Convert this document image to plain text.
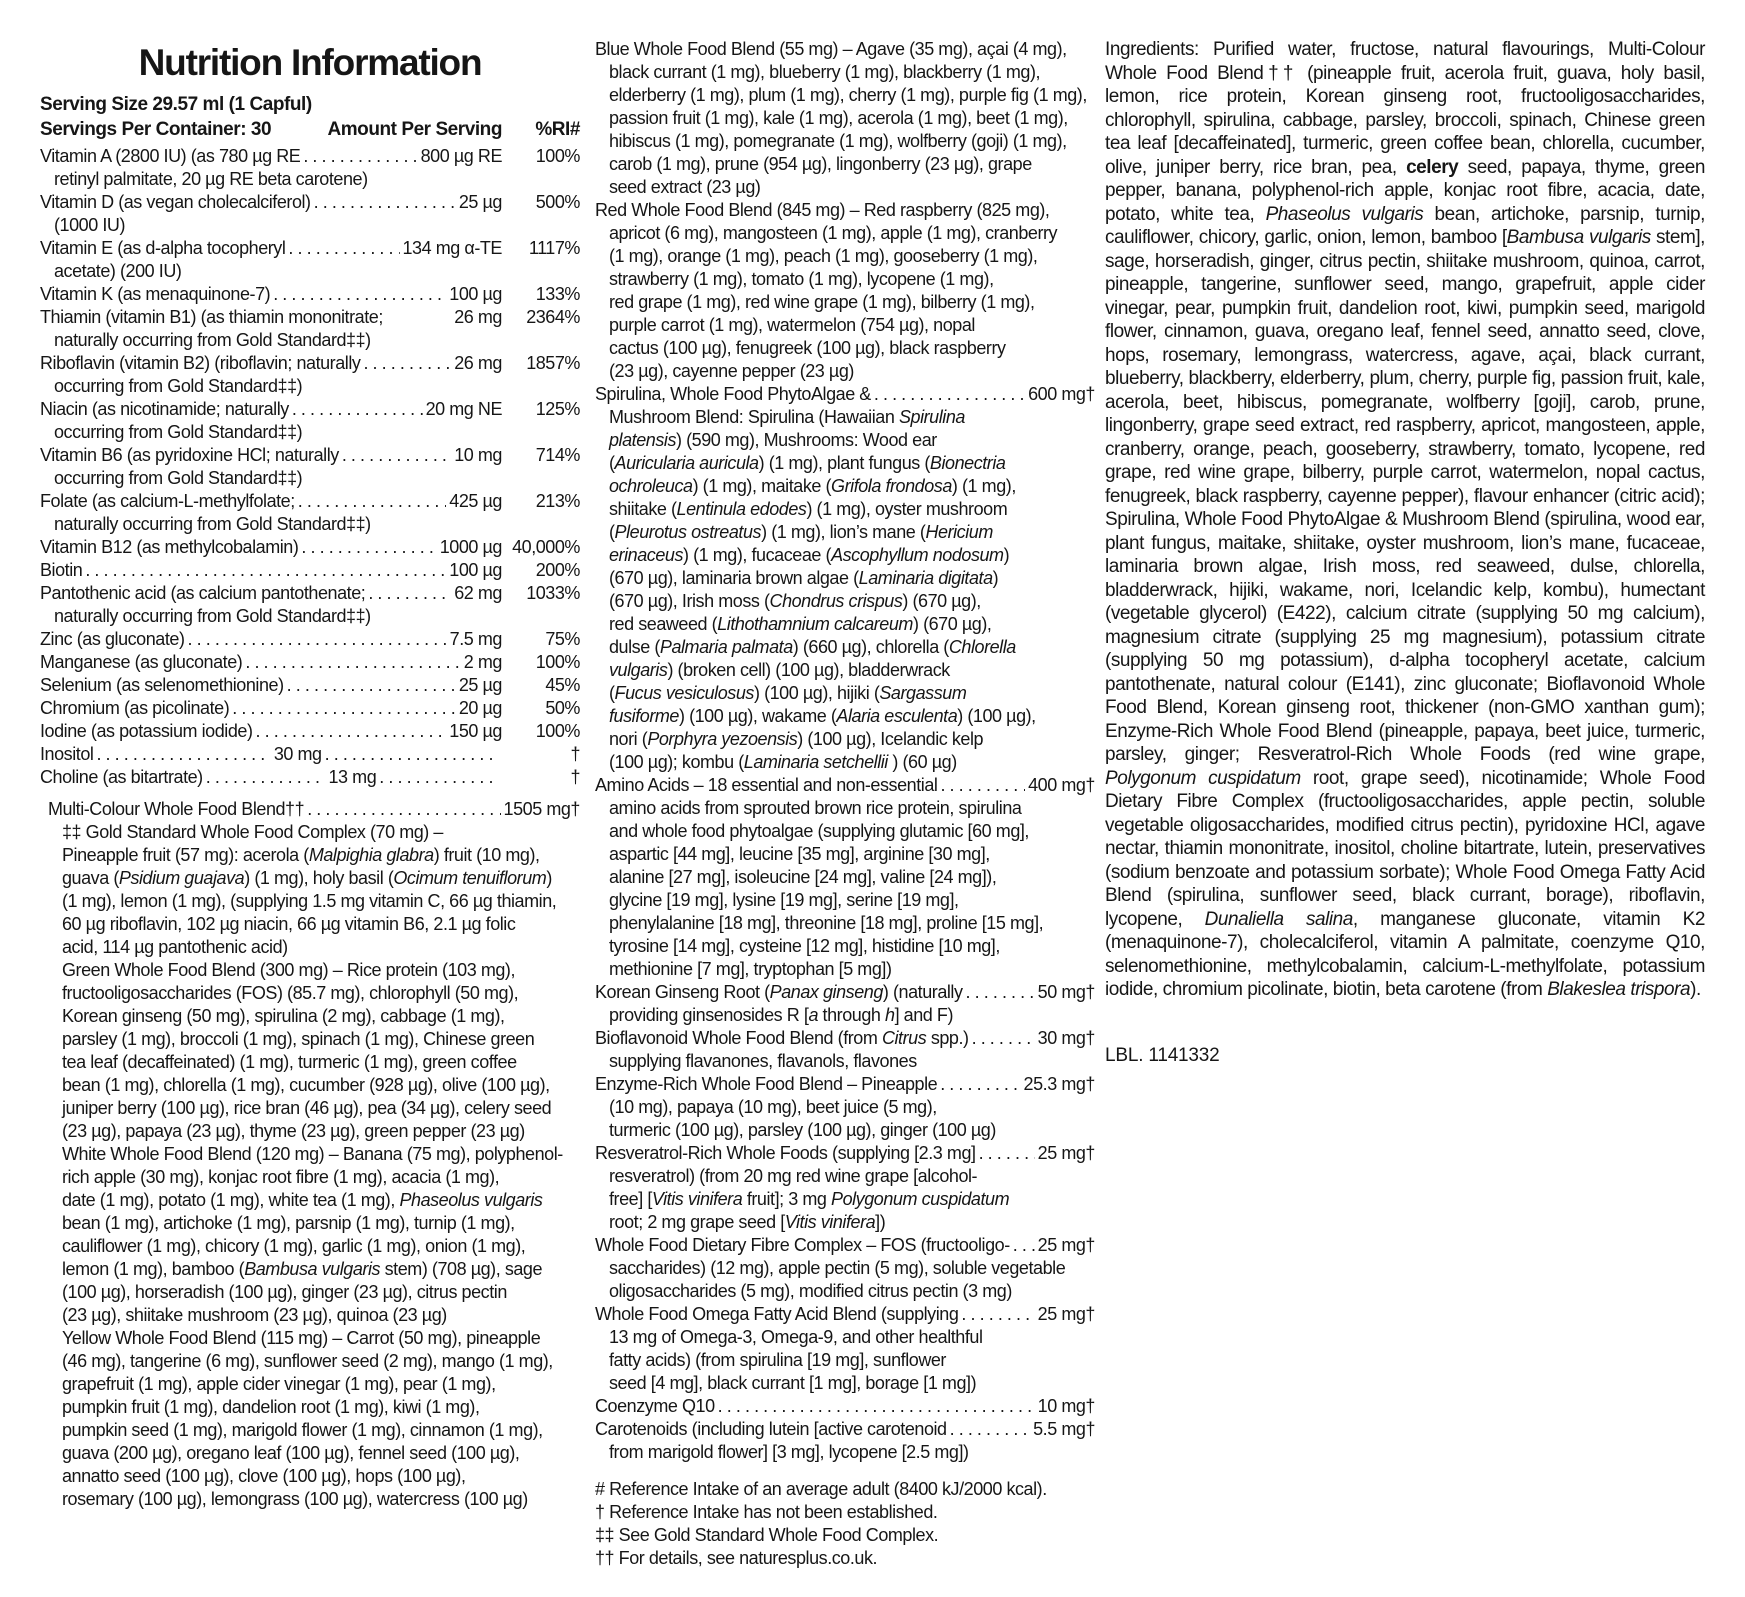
Nutrition Information
Serving Size 29.57 ml (1 Capful)
Servings Per Container: 30	Amount Per Serving	%RI#
Vitamin A (2800 IU) (as 780 µg RE . . .	800 µg RE	100%
retinyl palmitate, 20 µg RE beta carotene)
Vitamin D (as vegan cholecalciferol) . . .	25 µg	500%
(1000 IU)
Vitamin E (as d-alpha tocopheryl . . .	134 mg α-TE	1117%
acetate) (200 IU)
Vitamin K (as menaquinone-7) . . .	100 µg	133%
Thiamin (vitamin B1) (as thiamin mononitrate;	26 mg	2364%
naturally occurring from Gold Standard‡‡)
Riboflavin (vitamin B2) (riboflavin; naturally . . .	26 mg	1857%
occurring from Gold Standard‡‡)
Niacin (as nicotinamide; naturally . . .	20 mg NE	125%
occurring from Gold Standard‡‡)
Vitamin B6 (as pyridoxine HCl; naturally . . .	10 mg	714%
occurring from Gold Standard‡‡)
Folate (as calcium-L-methylfolate; . . .	425 µg	213%
naturally occurring from Gold Standard‡‡)
Vitamin B12 (as methylcobalamin) . . .	1000 µg 40,000%
Biotin . . .	100 µg	200%
Pantothenic acid (as calcium pantothenate; . . .	62 mg	1033%
naturally occurring from Gold Standard‡‡)
Zinc (as gluconate) . . .	7.5 mg	75%
Manganese (as gluconate) . . .	2 mg	100%
Selenium (as selenomethionine) . . .	25 µg	45%
Chromium (as picolinate) . . .	20 µg	50%
Iodine (as potassium iodide) . . .	150 µg	100%
Inositol . . .	30 mg . . .	†
Choline (as bitartrate) . . .	13 mg . . .	†
Multi-Colour Whole Food Blend†† . . .	1505 mg†
‡‡ Gold Standard Whole Food Complex (70 mg) –
Pineapple fruit (57 mg): acerola (Malpighia glabra) fruit (10 mg),
guava (Psidium guajava) (1 mg), holy basil (Ocimum tenuiflorum)
(1 mg), lemon (1 mg), (supplying 1.5 mg vitamin C, 66 µg thiamin,
60 µg riboflavin, 102 µg niacin, 66 µg vitamin B6, 2.1 µg folic
acid, 114 µg pantothenic acid)
Green Whole Food Blend (300 mg) – Rice protein (103 mg),
fructooligosaccharides (FOS) (85.7 mg), chlorophyll (50 mg),
Korean ginseng (50 mg), spirulina (2 mg), cabbage (1 mg),
parsley (1 mg), broccoli (1 mg), spinach (1 mg), Chinese green
tea leaf (decaffeinated) (1 mg), turmeric (1 mg), green coffee
bean (1 mg), chlorella (1 mg), cucumber (928 µg), olive (100 µg),
juniper berry (100 µg), rice bran (46 µg), pea (34 µg), celery seed
(23 µg), papaya (23 µg), thyme (23 µg), green pepper (23 µg)
White Whole Food Blend (120 mg) – Banana (75 mg), polyphenol-
rich apple (30 mg), konjac root fibre (1 mg), acacia (1 mg),
date (1 mg), potato (1 mg), white tea (1 mg), Phaseolus vulgaris
bean (1 mg), artichoke (1 mg), parsnip (1 mg), turnip (1 mg),
cauliflower (1 mg), chicory (1 mg), garlic (1 mg), onion (1 mg),
lemon (1 mg), bamboo (Bambusa vulgaris stem) (708 µg), sage
(100 µg), horseradish (100 µg), ginger (23 µg), citrus pectin
(23 µg), shiitake mushroom (23 µg), quinoa (23 µg)
Yellow Whole Food Blend (115 mg) – Carrot (50 mg), pineapple
(46 mg), tangerine (6 mg), sunflower seed (2 mg), mango (1 mg),
grapefruit (1 mg), apple cider vinegar (1 mg), pear (1 mg),
pumpkin fruit (1 mg), dandelion root (1 mg), kiwi (1 mg),
pumpkin seed (1 mg), marigold flower (1 mg), cinnamon (1 mg),
guava (200 µg), oregano leaf (100 µg), fennel seed (100 µg),
annatto seed (100 µg), clove (100 µg), hops (100 µg),
rosemary (100 µg), lemongrass (100 µg), watercress (100 µg)
Blue Whole Food Blend (55 mg) – Agave (35 mg), açai (4 mg),
black currant (1 mg), blueberry (1 mg), blackberry (1 mg),
elderberry (1 mg), plum (1 mg), cherry (1 mg), purple fig (1 mg),
passion fruit (1 mg), kale (1 mg), acerola (1 mg), beet (1 mg),
hibiscus (1 mg), pomegranate (1 mg), wolfberry (goji) (1 mg),
carob (1 mg), prune (954 µg), lingonberry (23 µg), grape
seed extract (23 µg)
Red Whole Food Blend (845 mg) – Red raspberry (825 mg),
apricot (6 mg), mangosteen (1 mg), apple (1 mg), cranberry
(1 mg), orange (1 mg), peach (1 mg), gooseberry (1 mg),
strawberry (1 mg), tomato (1 mg), lycopene (1 mg),
red grape (1 mg), red wine grape (1 mg), bilberry (1 mg),
purple carrot (1 mg), watermelon (754 µg), nopal
cactus (100 µg), fenugreek (100 µg), black raspberry
(23 µg), cayenne pepper (23 µg)
Spirulina, Whole Food PhytoAlgae & . . .	600 mg†
Mushroom Blend: Spirulina (Hawaiian Spirulina
platensis) (590 mg), Mushrooms: Wood ear
(Auricularia auricula) (1 mg), plant fungus (Bionectria
ochroleuca) (1 mg), maitake (Grifola frondosa) (1 mg),
shiitake (Lentinula edodes) (1 mg), oyster mushroom
(Pleurotus ostreatus) (1 mg), lion’s mane (Hericium
erinaceus) (1 mg), fucaceae (Ascophyllum nodosum)
(670 µg), laminaria brown algae (Laminaria digitata)
(670 µg), Irish moss (Chondrus crispus) (670 µg),
red seaweed (Lithothamnium calcareum) (670 µg),
dulse (Palmaria palmata) (660 µg), chlorella (Chlorella
vulgaris) (broken cell) (100 µg), bladderwrack
(Fucus vesiculosus) (100 µg), hijiki (Sargassum
fusiforme) (100 µg), wakame (Alaria esculenta) (100 µg),
nori (Porphyra yezoensis) (100 µg), Icelandic kelp
(100 µg); kombu (Laminaria setchellii ) (60 µg)
Amino Acids – 18 essential and non-essential . . .	400 mg†
amino acids from sprouted brown rice protein, spirulina
and whole food phytoalgae (supplying glutamic [60 mg],
aspartic [44 mg], leucine [35 mg], arginine [30 mg],
alanine [27 mg], isoleucine [24 mg], valine [24 mg]),
glycine [19 mg], lysine [19 mg], serine [19 mg],
phenylalanine [18 mg], threonine [18 mg], proline [15 mg],
tyrosine [14 mg], cysteine [12 mg], histidine [10 mg],
methionine [7 mg], tryptophan [5 mg])
Korean Ginseng Root (Panax ginseng) (naturally . . .	50 mg†
providing ginsenosides R [a through h] and F)
Bioflavonoid Whole Food Blend (from Citrus spp.) . . .	30 mg†
supplying flavanones, flavanols, flavones
Enzyme-Rich Whole Food Blend – Pineapple . . .	25.3 mg†
(10 mg), papaya (10 mg), beet juice (5 mg),
turmeric (100 µg), parsley (100 µg), ginger (100 µg)
Resveratrol-Rich Whole Foods (supplying [2.3 mg] . . .	25 mg†
resveratrol) (from 20 mg red wine grape [alcohol-
free] [Vitis vinifera fruit]; 3 mg Polygonum cuspidatum
root; 2 mg grape seed [Vitis vinifera])
Whole Food Dietary Fibre Complex – FOS (fructooligo- . . . 25 mg†
saccharides) (12 mg), apple pectin (5 mg), soluble vegetable
oligosaccharides (5 mg), modified citrus pectin (3 mg)
Whole Food Omega Fatty Acid Blend (supplying . . .	25 mg†
13 mg of Omega-3, Omega-9, and other healthful
fatty acids) (from spirulina [19 mg], sunflower
seed [4 mg], black currant [1 mg], borage [1 mg])
Coenzyme Q10 . . .	10 mg†
Carotenoids (including lutein [active carotenoid . . .	5.5 mg†
from marigold flower] [3 mg], lycopene [2.5 mg])
# Reference Intake of an average adult (8400 kJ/2000 kcal).
† Reference Intake has not been established.
‡‡ See Gold Standard Whole Food Complex.
†† For details, see naturesplus.co.uk.

Ingredients: Purified water, fructose, natural flavourings, Multi-Colour Whole Food Blend†† (pineapple fruit, acerola fruit, guava, holy basil, lemon, rice protein, Korean ginseng root, fructooligosaccharides, chlorophyll, spirulina, cabbage, parsley, broccoli, spinach, Chinese green tea leaf [decaffeinated], turmeric, green coffee bean, chlorella, cucumber, olive, juniper berry, rice bran, pea, celery seed, papaya, thyme, green pepper, banana, polyphenol-rich apple, konjac root fibre, acacia, date, potato, white tea, Phaseolus vulgaris bean, artichoke, parsnip, turnip, cauliflower, chicory, garlic, onion, lemon, bamboo [Bambusa vulgaris stem], sage, horseradish, ginger, citrus pectin, shiitake mushroom, quinoa, carrot, pineapple, tangerine, sunflower seed, mango, grapefruit, apple cider vinegar, pear, pumpkin fruit, dandelion root, kiwi, pumpkin seed, marigold flower, cinnamon, guava, oregano leaf, fennel seed, annatto seed, clove, hops, rosemary, lemongrass, watercress, agave, açai, black currant, blueberry, blackberry, elderberry, plum, cherry, purple fig, passion fruit, kale, acerola, beet, hibiscus, pomegranate, wolfberry [goji], carob, prune, lingonberry, grape seed extract, red raspberry, apricot, mangosteen, apple, cranberry, orange, peach, gooseberry, strawberry, tomato, lycopene, red grape, red wine grape, bilberry, purple carrot, watermelon, nopal cactus, fenugreek, black raspberry, cayenne pepper), flavour enhancer (citric acid); Spirulina, Whole Food PhytoAlgae & Mushroom Blend (spirulina, wood ear, plant fungus, maitake, shiitake, oyster mushroom, lion’s mane, fucaceae, laminaria brown algae, Irish moss, red seaweed, dulse, chlorella, bladderwrack, hijiki, wakame, nori, Icelandic kelp, kombu), humectant (vegetable glycerol) (E422), calcium citrate (supplying 50 mg calcium), magnesium citrate (supplying 25 mg magnesium), potassium citrate (supplying 50 mg potassium), d-alpha tocopheryl acetate, calcium pantothenate, natural colour (E141), zinc gluconate; Bioflavonoid Whole Food Blend, Korean ginseng root, thickener (non-GMO xanthan gum); Enzyme-Rich Whole Food Blend (pineapple, papaya, beet juice, turmeric, parsley, ginger; Resveratrol-Rich Whole Foods (red wine grape, Polygonum cuspidatum root, grape seed), nicotinamide; Whole Food Dietary Fibre Complex (fructooligosaccharides, apple pectin, soluble vegetable oligosaccharides, modified citrus pectin), pyridoxine HCl, agave nectar, thiamin mononitrate, inositol, choline bitartrate, lutein, preservatives (sodium benzoate and potassium sorbate); Whole Food Omega Fatty Acid Blend (spirulina, sunflower seed, black currant, borage), riboflavin, lycopene, Dunaliella salina, manganese gluconate, vitamin K2 (menaquinone-7), cholecalciferol, vitamin A palmitate, coenzyme Q10, selenomethionine, methylcobalamin, calcium-L-methylfolate, potassium iodide, chromium picolinate, biotin, beta carotene (from Blakeslea trispora).

LBL. 1141332
